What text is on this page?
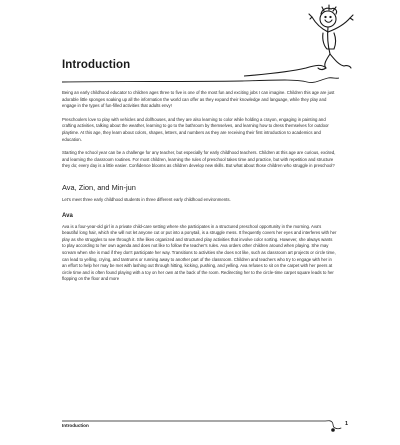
Introduction

Being an early childhood educator to children ages three to five is one of the most fun and exciting jobs I can imagine. Children this age are just adorable little sponges soaking up all the information the world can offer as they expand their knowledge and language, while they play and engage in the types of fun-filled activities that adults envy!

Preschoolers love to play with vehicles and dollhouses, and they are also learning to color while holding a crayon, engaging in painting and crafting activities, talking about the weather, learning to go to the bathroom by themselves, and learning how to dress themselves for outdoor playtime. At this age, they learn about colors, shapes, letters, and numbers as they are receiving their first introduction to academics and education.

Starting the school year can be a challenge for any teacher, but especially for early childhood teachers. Children at this age are curious, excited, and learning the classroom routines. For most children, learning the rules of preschool takes time and practice, but with repetition and structure they do; every day is a little easier. Confidence blooms as children develop new skills. But what about those children who struggle in preschool?

Ava, Zion, and Min-jun

Let's meet three early childhood students in three different early childhood environments.

Ava

Ava is a four-year-old girl in a private child-care setting where she participates in a structured preschool opportunity in the morning. Ava's beautiful long hair, which she will not let anyone cut or put into a ponytail, is a struggle mess. It frequently covers her eyes and interferes with her play as she struggles to see through it. She likes organized and structured play activities that involve color sorting. However, she always wants to play according to her own agenda and does not like to follow the teacher's rules. Ava orders other children around when playing. She may scream when she is mad if they don't participate her way. Transitions to activities she does not like, such as classroom art projects or circle time, can lead to yelling, crying, and tantrums or running away to another part of the classroom. Children and teachers who try to engage with her in an effort to help her may be met with lashing out through hitting, kicking, pushing, and yelling. Ava refuses to sit on the carpet with her peers at circle time and is often found playing with a toy on her own at the back of the room. Redirecting her to the circle-time carpet square leads to her flopping on the floor and more

Introduction	1
